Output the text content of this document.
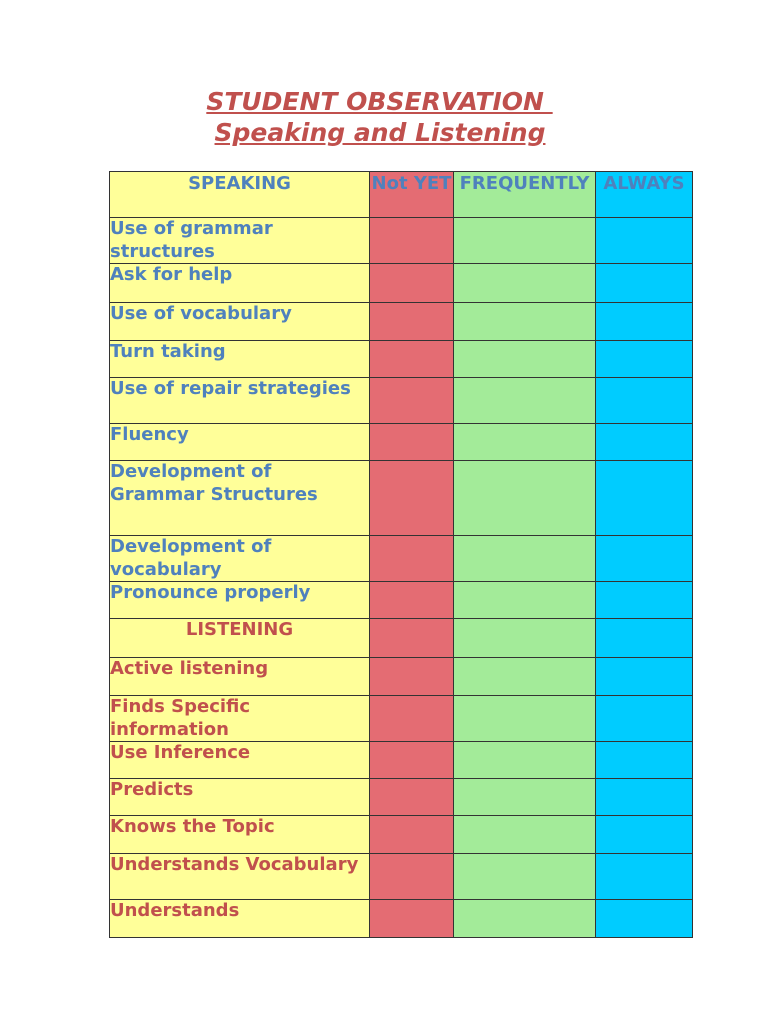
STUDENT OBSERVATION
Speaking and Listening
SPEAKING	Not YET	FREQUENTLY	ALWAYS

Use of grammar structures			
Ask for help			
Use of vocabulary			
Turn taking			
Use of repair strategies			
Fluency			
Development of Grammar Structures			
Development of vocabulary			
Pronounce properly			
LISTENING			
Active listening			
Finds Specific information			
Use Inference			
Predicts			
Knows the Topic			
Understands Vocabulary			
Understands			
